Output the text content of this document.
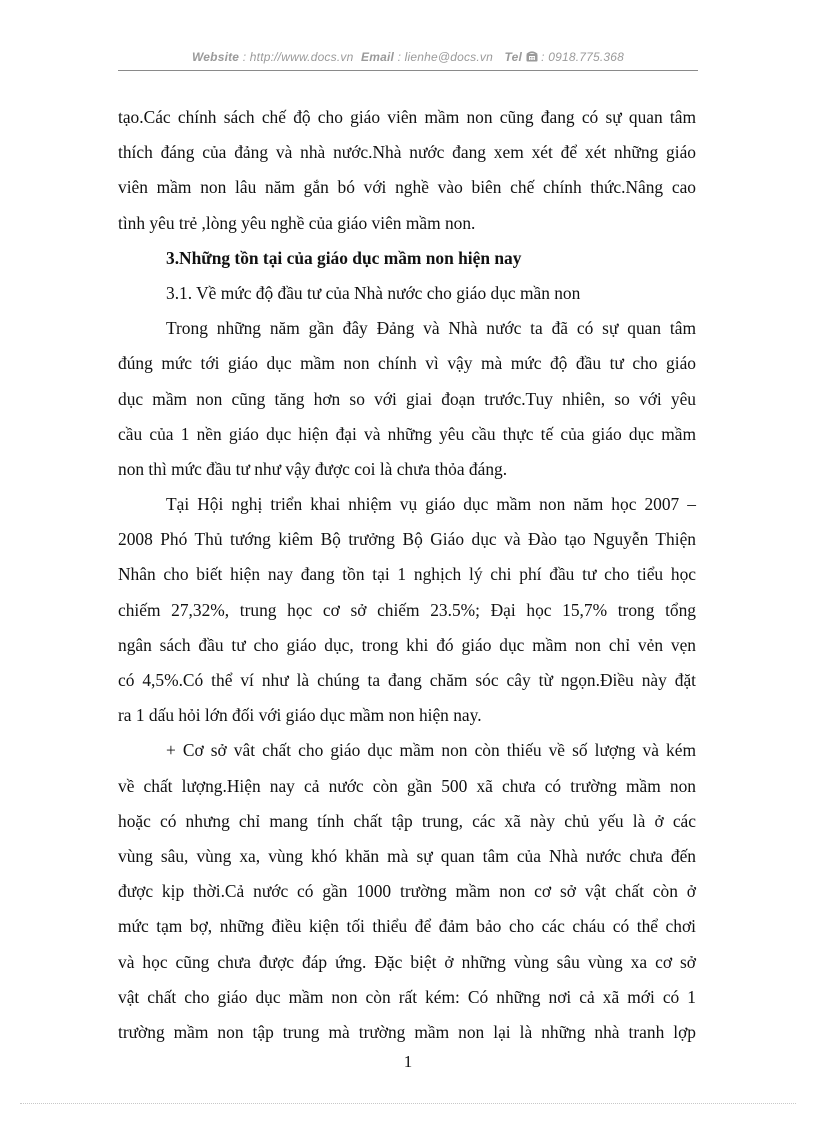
Website : http://www.docs.vn Email : lienhe@docs.vn Tel : 0918.775.368
tạo.Các chính sách chế độ cho giáo viên mầm non cũng đang có sự quan tâm
thích đáng của đảng và nhà nước.Nhà nước đang xem xét để xét những giáo
viên mầm non lâu năm gắn bó với nghề vào biên chế chính thức.Nâng cao
tình yêu trẻ ,lòng yêu nghề của giáo viên mầm non.
3.Những tồn tại của giáo dục mầm non hiện nay
3.1. Về mức độ đầu tư của Nhà nước cho giáo dục mần non
Trong những năm gần đây Đảng và Nhà nước ta đã có sự quan tâm
đúng mức tới giáo dục mầm non chính vì vậy mà mức độ đầu tư cho giáo
dục mầm non cũng tăng hơn so với giai đoạn trước.Tuy nhiên, so với yêu
cầu của 1 nền giáo dục hiện đại và những yêu cầu thực tế của giáo dục mầm
non thì mức đầu tư như vậy được coi là chưa thỏa đáng.
Tại Hội nghị triển khai nhiệm vụ giáo dục mầm non năm học 2007 –
2008 Phó Thủ tướng kiêm Bộ trưởng Bộ Giáo dục và Đào tạo Nguyễn Thiện
Nhân cho biết hiện nay đang tồn tại 1 nghịch lý chi phí đầu tư cho tiểu học
chiếm 27,32%, trung học cơ sở chiếm 23.5%; Đại học 15,7% trong tổng
ngân sách đầu tư cho giáo dục, trong khi đó giáo dục mầm non chỉ vẻn vẹn
có 4,5%.Có thể ví như là chúng ta đang chăm sóc cây từ ngọn.Điều này đặt
ra 1 dấu hỏi lớn đối với giáo dục mầm non hiện nay.
+ Cơ sở vât chất cho giáo dục mầm non còn thiếu về số lượng và kém
về chất lượng.Hiện nay cả nước còn gần 500 xã chưa có trường mầm non
hoặc có nhưng chỉ mang tính chất tập trung, các xã này chủ yếu là ở các
vùng sâu, vùng xa, vùng khó khăn mà sự quan tâm của Nhà nước chưa đến
được kịp thời.Cả nước có gần 1000 trường mầm non cơ sở vật chất còn ở
mức tạm bợ, những điều kiện tối thiểu để đảm bảo cho các cháu có thể chơi
và học cũng chưa được đáp ứng. Đặc biệt ở những vùng sâu vùng xa cơ sở
vật chất cho giáo dục mầm non còn rất kém: Có những nơi cả xã mới có 1
trường mầm non tập trung mà trường mầm non lại là những nhà tranh lợp
1
